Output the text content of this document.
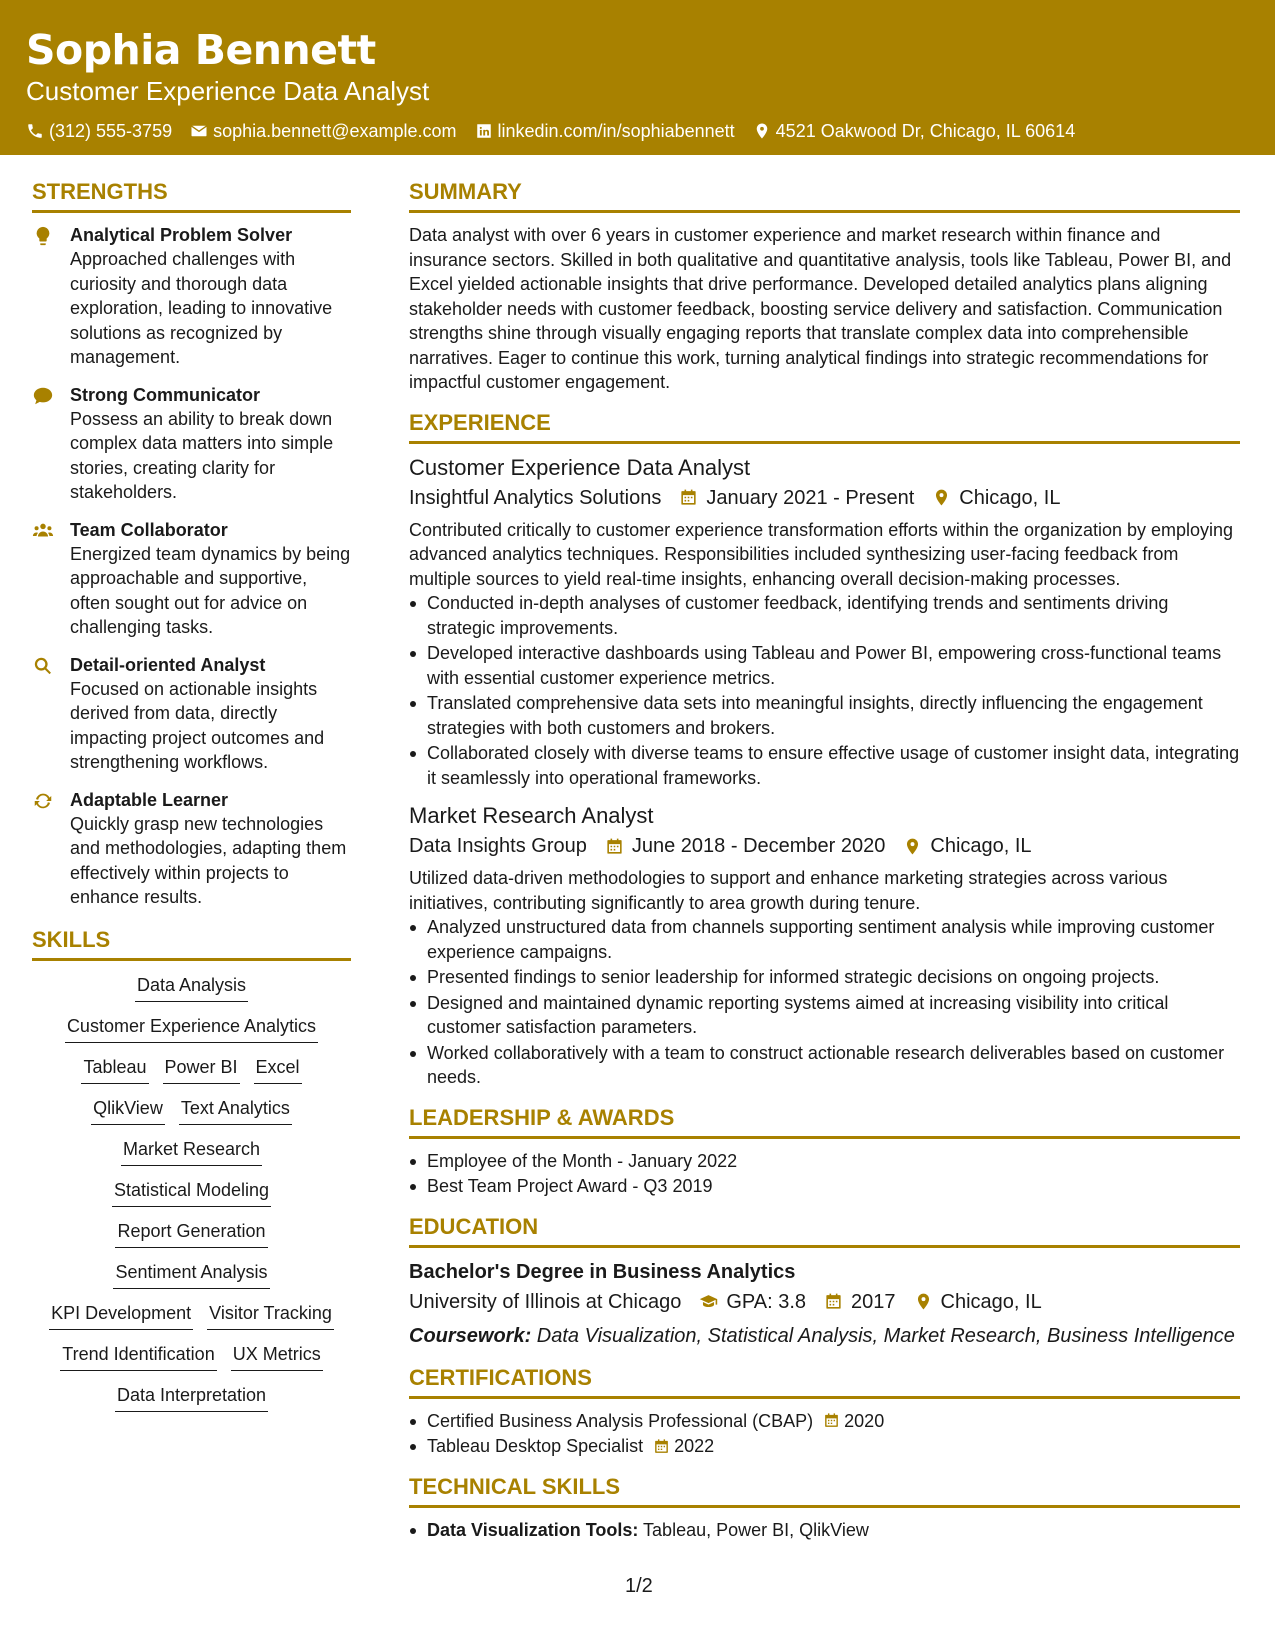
Sophia Bennett
Customer Experience Data Analyst
(312) 555-3759 sophia.bennett@example.com linkedin.com/in/sophiabennett 4521 Oakwood Dr, Chicago, IL 60614
STRENGTHS
Analytical Problem Solver
Approached challenges with curiosity and thorough data exploration, leading to innovative solutions as recognized by management.
Strong Communicator
Possess an ability to break down complex data matters into simple stories, creating clarity for stakeholders.
Team Collaborator
Energized team dynamics by being approachable and supportive, often sought out for advice on challenging tasks.
Detail-oriented Analyst
Focused on actionable insights derived from data, directly impacting project outcomes and strengthening workflows.
Adaptable Learner
Quickly grasp new technologies and methodologies, adapting them effectively within projects to enhance results.
SKILLS
Data Analysis
Customer Experience Analytics
Tableau Power BI Excel
QlikView Text Analytics
Market Research
Statistical Modeling
Report Generation
Sentiment Analysis
KPI Development Visitor Tracking
Trend Identification UX Metrics
Data Interpretation
SUMMARY
Data analyst with over 6 years in customer experience and market research within finance and insurance sectors. Skilled in both qualitative and quantitative analysis, tools like Tableau, Power BI, and Excel yielded actionable insights that drive performance. Developed detailed analytics plans aligning stakeholder needs with customer feedback, boosting service delivery and satisfaction. Communication strengths shine through visually engaging reports that translate complex data into comprehensible narratives. Eager to continue this work, turning analytical findings into strategic recommendations for impactful customer engagement.
EXPERIENCE
Customer Experience Data Analyst
Insightful Analytics Solutions January 2021 - Present Chicago, IL
Contributed critically to customer experience transformation efforts within the organization by employing advanced analytics techniques. Responsibilities included synthesizing user-facing feedback from multiple sources to yield real-time insights, enhancing overall decision-making processes.
Conducted in-depth analyses of customer feedback, identifying trends and sentiments driving strategic improvements.
Developed interactive dashboards using Tableau and Power BI, empowering cross-functional teams with essential customer experience metrics.
Translated comprehensive data sets into meaningful insights, directly influencing the engagement strategies with both customers and brokers.
Collaborated closely with diverse teams to ensure effective usage of customer insight data, integrating it seamlessly into operational frameworks.
Market Research Analyst
Data Insights Group June 2018 - December 2020 Chicago, IL
Utilized data-driven methodologies to support and enhance marketing strategies across various initiatives, contributing significantly to area growth during tenure.
Analyzed unstructured data from channels supporting sentiment analysis while improving customer experience campaigns.
Presented findings to senior leadership for informed strategic decisions on ongoing projects.
Designed and maintained dynamic reporting systems aimed at increasing visibility into critical customer satisfaction parameters.
Worked collaboratively with a team to construct actionable research deliverables based on customer needs.
LEADERSHIP & AWARDS
Employee of the Month - January 2022
Best Team Project Award - Q3 2019
EDUCATION
Bachelor's Degree in Business Analytics
University of Illinois at Chicago GPA: 3.8 2017 Chicago, IL
Coursework: Data Visualization, Statistical Analysis, Market Research, Business Intelligence
CERTIFICATIONS
Certified Business Analysis Professional (CBAP) 2020
Tableau Desktop Specialist 2022
TECHNICAL SKILLS
Data Visualization Tools: Tableau, Power BI, QlikView
1/2
